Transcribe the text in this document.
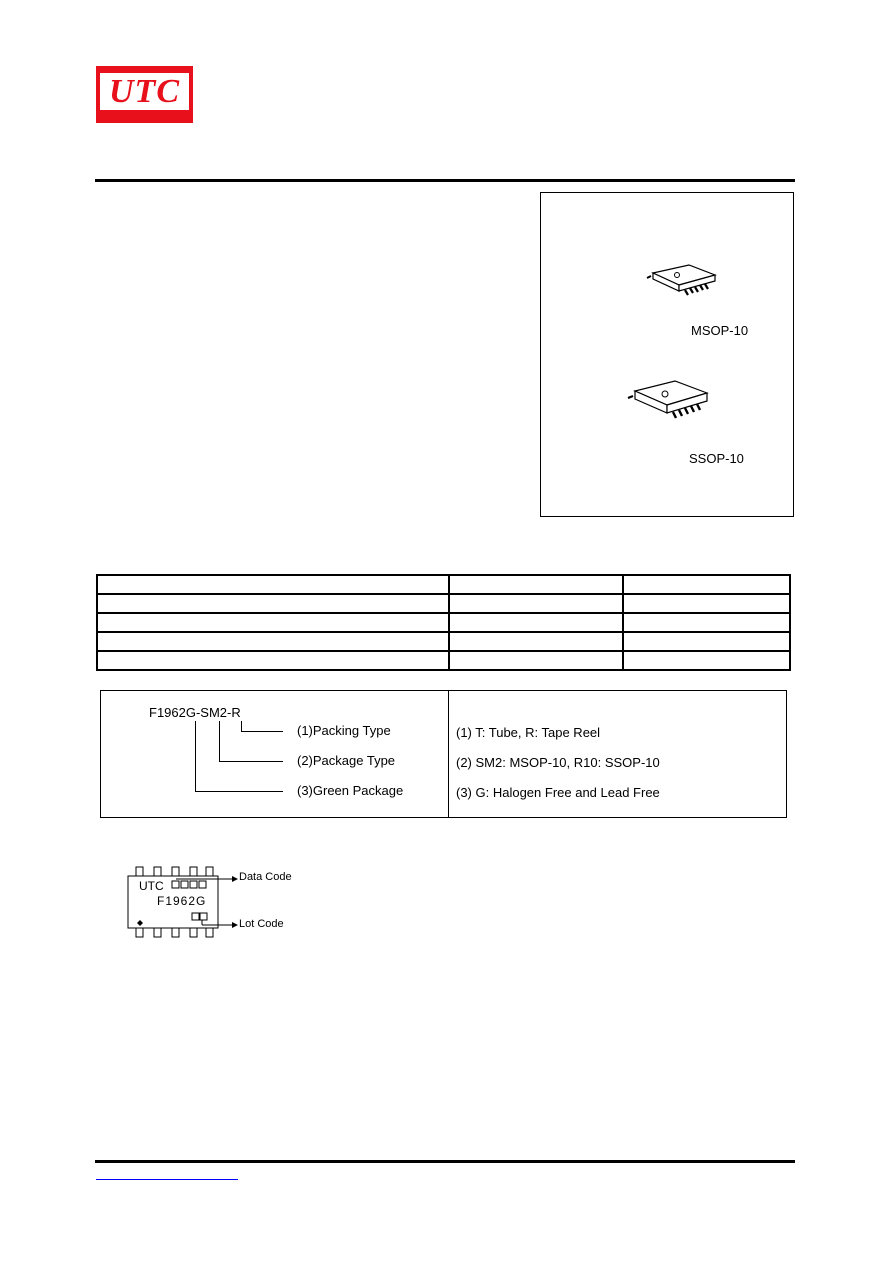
UTC
MSOP-10
SSOP-10

F1962G-SM2-R
(1)Packing Type
(2)Package Type
(3)Green Package
(1) T: Tube, R: Tape Reel
(2) SM2: MSOP-10, R10: SSOP-10
(3) G: Halogen Free and Lead Free
UTC
F1962G
Data Code
Lot Code
